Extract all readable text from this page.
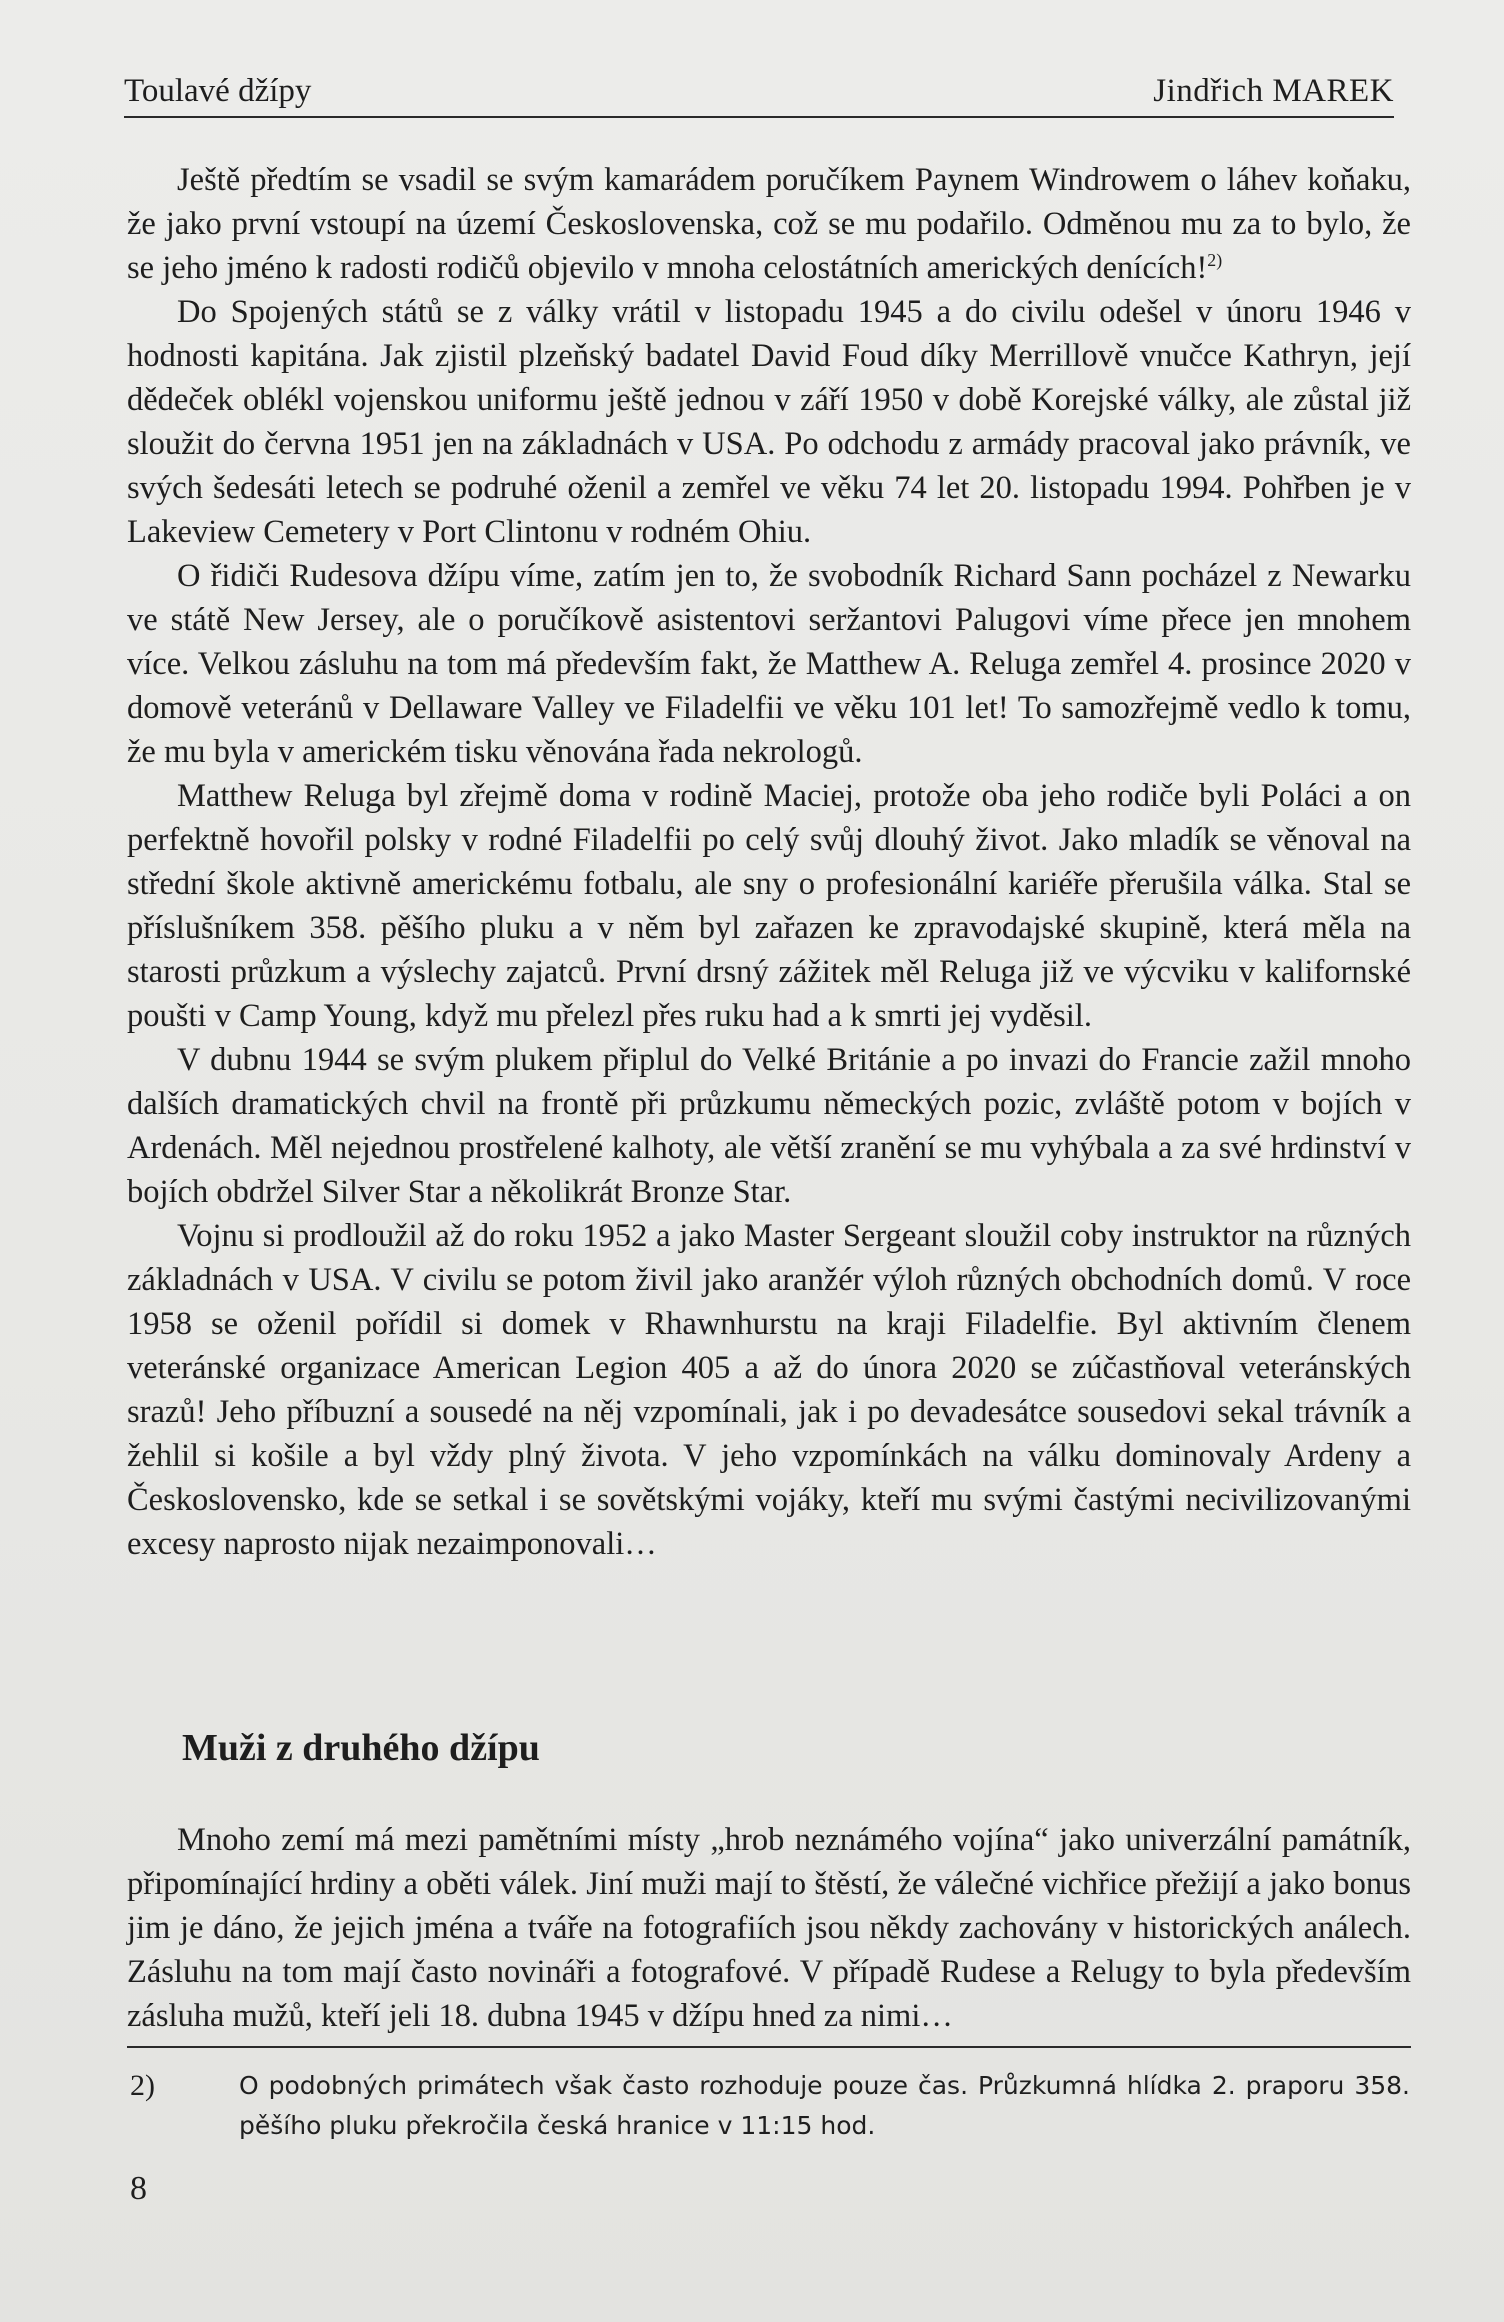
Toulavé džípy	Jindřich MAREK

Ještě předtím se vsadil se svým kamarádem poručíkem Paynem Windrowem o láhev koňaku, že jako první vstoupí na území Československa, což se mu podařilo. Odměnou mu za to bylo, že se jeho jméno k radosti rodičů objevilo v mnoha celostátních amerických denících!$^{2)}$

Do Spojených států se z války vrátil v listopadu 1945 a do civilu odešel v únoru 1946 v hodnosti kapitána. Jak zjistil plzeňský badatel David Foud díky Merrillově vnučce Kathryn, její dědeček oblékl vojenskou uniformu ještě jednou v září 1950 v době Korejské války, ale zůstal již sloužit do června 1951 jen na základnách v USA. Po odchodu z armády pracoval jako právník, ve svých šedesáti letech se podruhé oženil a zemřel ve věku 74 let 20. listopadu 1994. Pohřben je v Lakeview Cemetery v Port Clintonu v rodném Ohiu.

O řidiči Rudesova džípu víme, zatím jen to, že svobodník Richard Sann pocházel z Newarku ve státě New Jersey, ale o poručíkově asistentovi seržantovi Palugovi víme přece jen mnohem více. Velkou zásluhu na tom má především fakt, že Matthew A. Reluga zemřel 4. prosince 2020 v domově veteránů v Dellaware Valley ve Filadelfii ve věku 101 let! To samozřejmě vedlo k tomu, že mu byla v americkém tisku věnována řada nekrologů.

Matthew Reluga byl zřejmě doma v rodině Maciej, protože oba jeho rodiče byli Poláci a on perfektně hovořil polsky v rodné Filadelfii po celý svůj dlouhý život. Jako mladík se věnoval na střední škole aktivně americkému fotbalu, ale sny o profesionální kariéře přerušila válka. Stal se příslušníkem 358. pěšího pluku a v něm byl zařazen ke zpravodajské skupině, která měla na starosti průzkum a výslechy zajatců. První drsný zážitek měl Reluga již ve výcviku v kalifornské poušti v Camp Young, když mu přelezl přes ruku had a k smrti jej vyděsil.

V dubnu 1944 se svým plukem připlul do Velké Británie a po invazi do Francie zažil mnoho dalších dramatických chvil na frontě při průzkumu německých pozic, zvláště potom v bojích v Ardenách. Měl nejednou prostřelené kalhoty, ale větší zranění se mu vyhýbala a za své hrdinství v bojích obdržel Silver Star a několikrát Bronze Star.

Vojnu si prodloužil až do roku 1952 a jako Master Sergeant sloužil coby instruktor na různých základnách v USA. V civilu se potom živil jako aranžér výloh různých obchodních domů. V roce 1958 se oženil pořídil si domek v Rhawnhurstu na kraji Filadelfie. Byl aktivním členem veteránské organizace American Legion 405 a až do února 2020 se zúčastňoval veteránských srazů! Jeho příbuzní a sousedé na něj vzpomínali, jak i po devadesátce sousedovi sekal trávník a žehlil si košile a byl vždy plný života. V jeho vzpomínkách na válku dominovaly Ardeny a Československo, kde se setkal i se sovětskými vojáky, kteří mu svými častými necivilizovanými excesy naprosto nijak nezaimponovali…

Muži z druhého džípu

Mnoho zemí má mezi pamětními místy „hrob neznámého vojína“ jako univerzální památník, připomínající hrdiny a oběti válek. Jiní muži mají to štěstí, že válečné vichřice přežijí a jako bonus jim je dáno, že jejich jména a tváře na fotografiích jsou někdy zachovány v historických análech. Zásluhu na tom mají často novináři a fotografové. V případě Rudese a Relugy to byla především zásluha mužů, kteří jeli 18. dubna 1945 v džípu hned za nimi…

2)	O podobných primátech však často rozhoduje pouze čas. Průzkumná hlídka 2. praporu 358. pěšího pluku překročila česká hranice v 11:15 hod.
8
